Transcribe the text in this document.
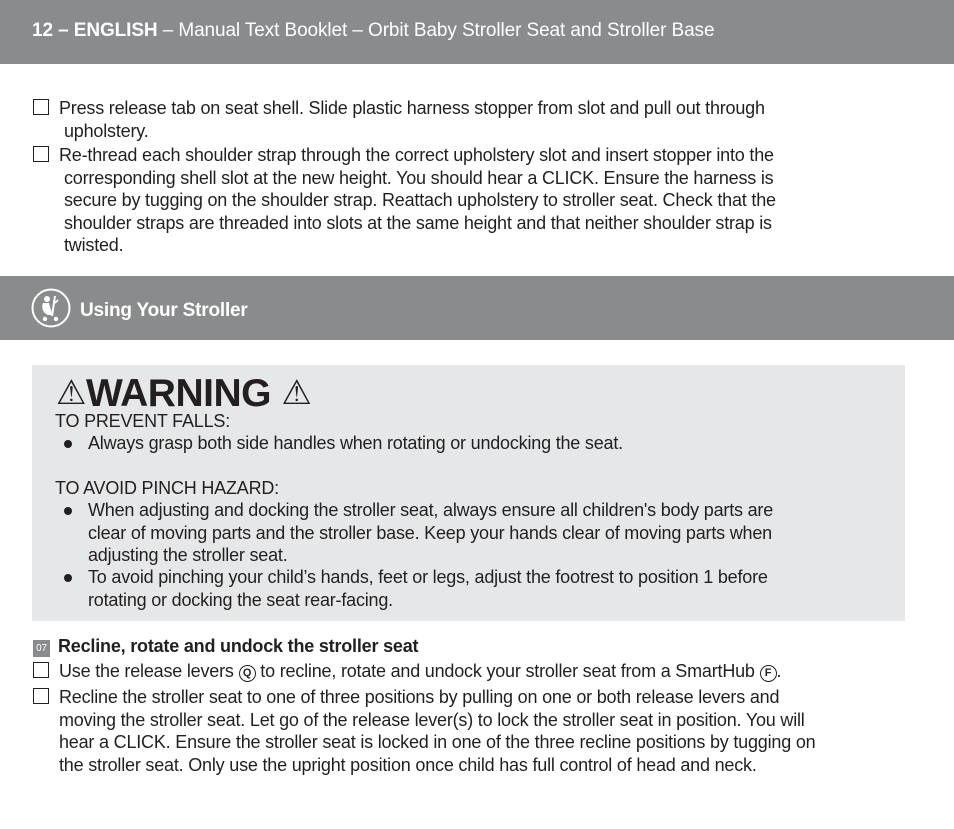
12 – ENGLISH – Manual Text Booklet – Orbit Baby Stroller Seat and Stroller Base
Press release tab on seat shell. Slide plastic harness stopper from slot and pull out through
upholstery.
Re-thread each shoulder strap through the correct upholstery slot and insert stopper into the
corresponding shell slot at the new height. You should hear a CLICK. Ensure the harness is
secure by tugging on the shoulder strap. Reattach upholstery to stroller seat. Check that the
shoulder straps are threaded into slots at the same height and that neither shoulder strap is
twisted.
Using Your Stroller
⚠WARNING ⚠
TO PREVENT FALLS:
Always grasp both side handles when rotating or undocking the seat.
TO AVOID PINCH HAZARD:
When adjusting and docking the stroller seat, always ensure all children's body parts are
clear of moving parts and the stroller base. Keep your hands clear of moving parts when
adjusting the stroller seat.
To avoid pinching your child’s hands, feet or legs, adjust the footrest to position 1 before
rotating or docking the seat rear-facing.
07 Recline, rotate and undock the stroller seat
Use the release levers Q to recline, rotate and undock your stroller seat from a SmartHub F .
Recline the stroller seat to one of three positions by pulling on one or both release levers and
moving the stroller seat. Let go of the release lever(s) to lock the stroller seat in position. You will
hear a CLICK. Ensure the stroller seat is locked in one of the three recline positions by tugging on
the stroller seat. Only use the upright position once child has full control of head and neck.
